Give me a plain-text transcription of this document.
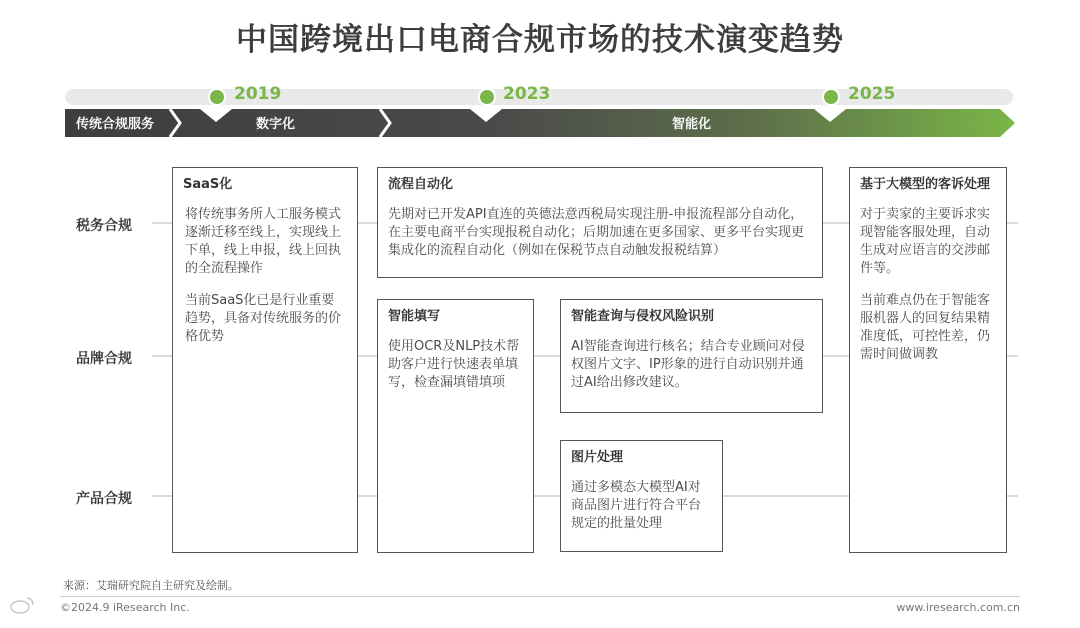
中国跨境出口电商合规市场的技术演变趋势
2019	2023	2025
传统合规服务	数字化	智能化
税务合规
品牌合规
产品合规
SaaS化

将传统事务所人工服务模式逐渐迁移至线上，实现线上下单，线上申报，线上回执的全流程操作

当前SaaS化已是行业重要趋势，具备对传统服务的价格优势

流程自动化
先期对已开发API直连的英德法意西税局实现注册-申报流程部分自动化，在主要电商平台实现报税自动化；后期加速在更多国家、更多平台实现更集成化的流程自动化（例如在保税节点自动触发报税结算）
智能填写
使用OCR及NLP技术帮助客户进行快速表单填写，检查漏填错填项
智能查询与侵权风险识别
AI智能查询进行核名；结合专业顾问对侵权图片文字、IP形象的进行自动识别并通过AI给出修改建议。
图片处理
通过多模态大模型AI对商品图片进行符合平台规定的批量处理
基于大模型的客诉处理

对于卖家的主要诉求实现智能客服处理，自动生成对应语言的交涉邮件等。

当前难点仍在于智能客服机器人的回复结果精准度低，可控性差，仍需时间做调教

来源：艾瑞研究院自主研究及绘制。
©2024.9 iResearch Inc.	www.iresearch.com.cn
